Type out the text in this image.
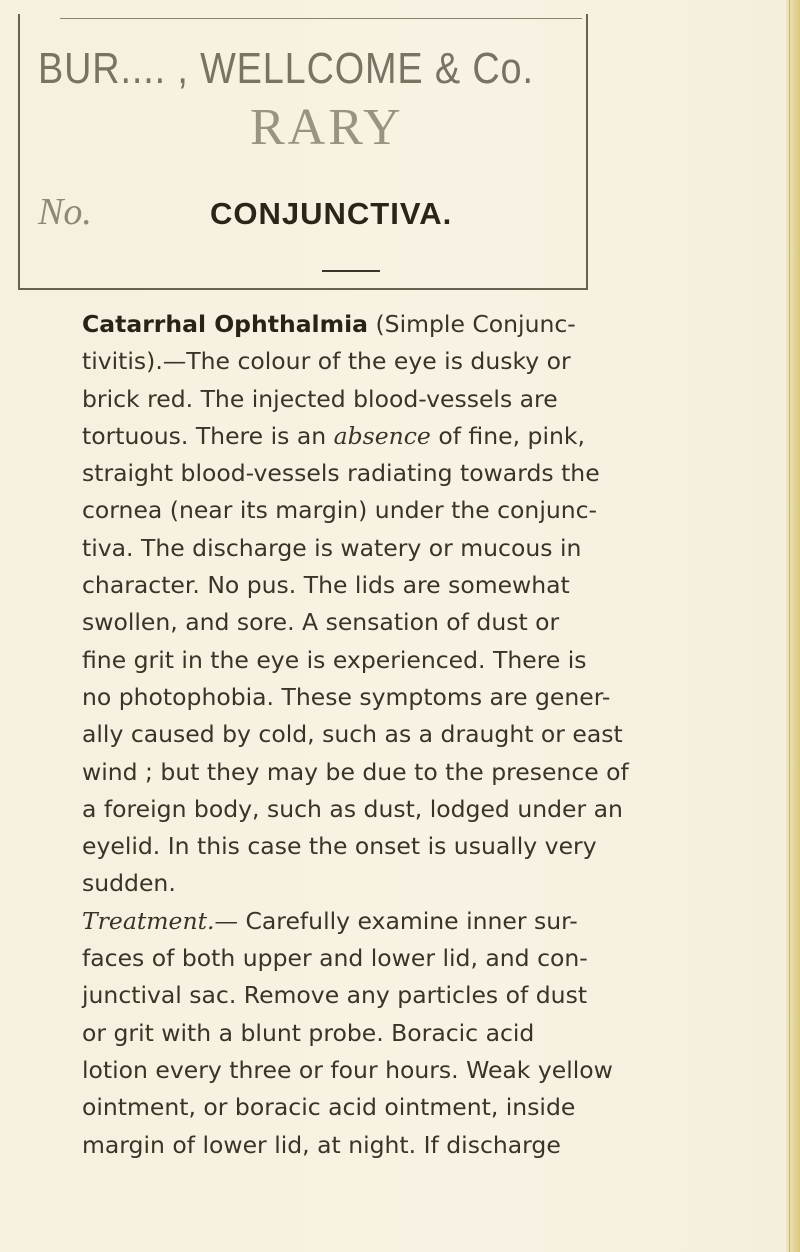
BUR.... , WELLCOME & Co.
RARY
No.	CONJUNCTIVA.
Catarrhal Ophthalmia (Simple Conjunc-
tivitis).—The colour of the eye is dusky or
brick red. The injected blood-vessels are
tortuous. There is an absence of fine, pink,
straight blood-vessels radiating towards the
cornea (near its margin) under the conjunc-
tiva. The discharge is watery or mucous in
character. No pus. The lids are somewhat
swollen, and sore. A sensation of dust or
fine grit in the eye is experienced. There is
no photophobia. These symptoms are gener-
ally caused by cold, such as a draught or east
wind ; but they may be due to the presence of
a foreign body, such as dust, lodged under an
eyelid. In this case the onset is usually very
sudden.
Treatment.— Carefully examine inner sur-
faces of both upper and lower lid, and con-
junctival sac. Remove any particles of dust
or grit with a blunt probe. Boracic acid
lotion every three or four hours. Weak yellow
ointment, or boracic acid ointment, inside
margin of lower lid, at night. If discharge
